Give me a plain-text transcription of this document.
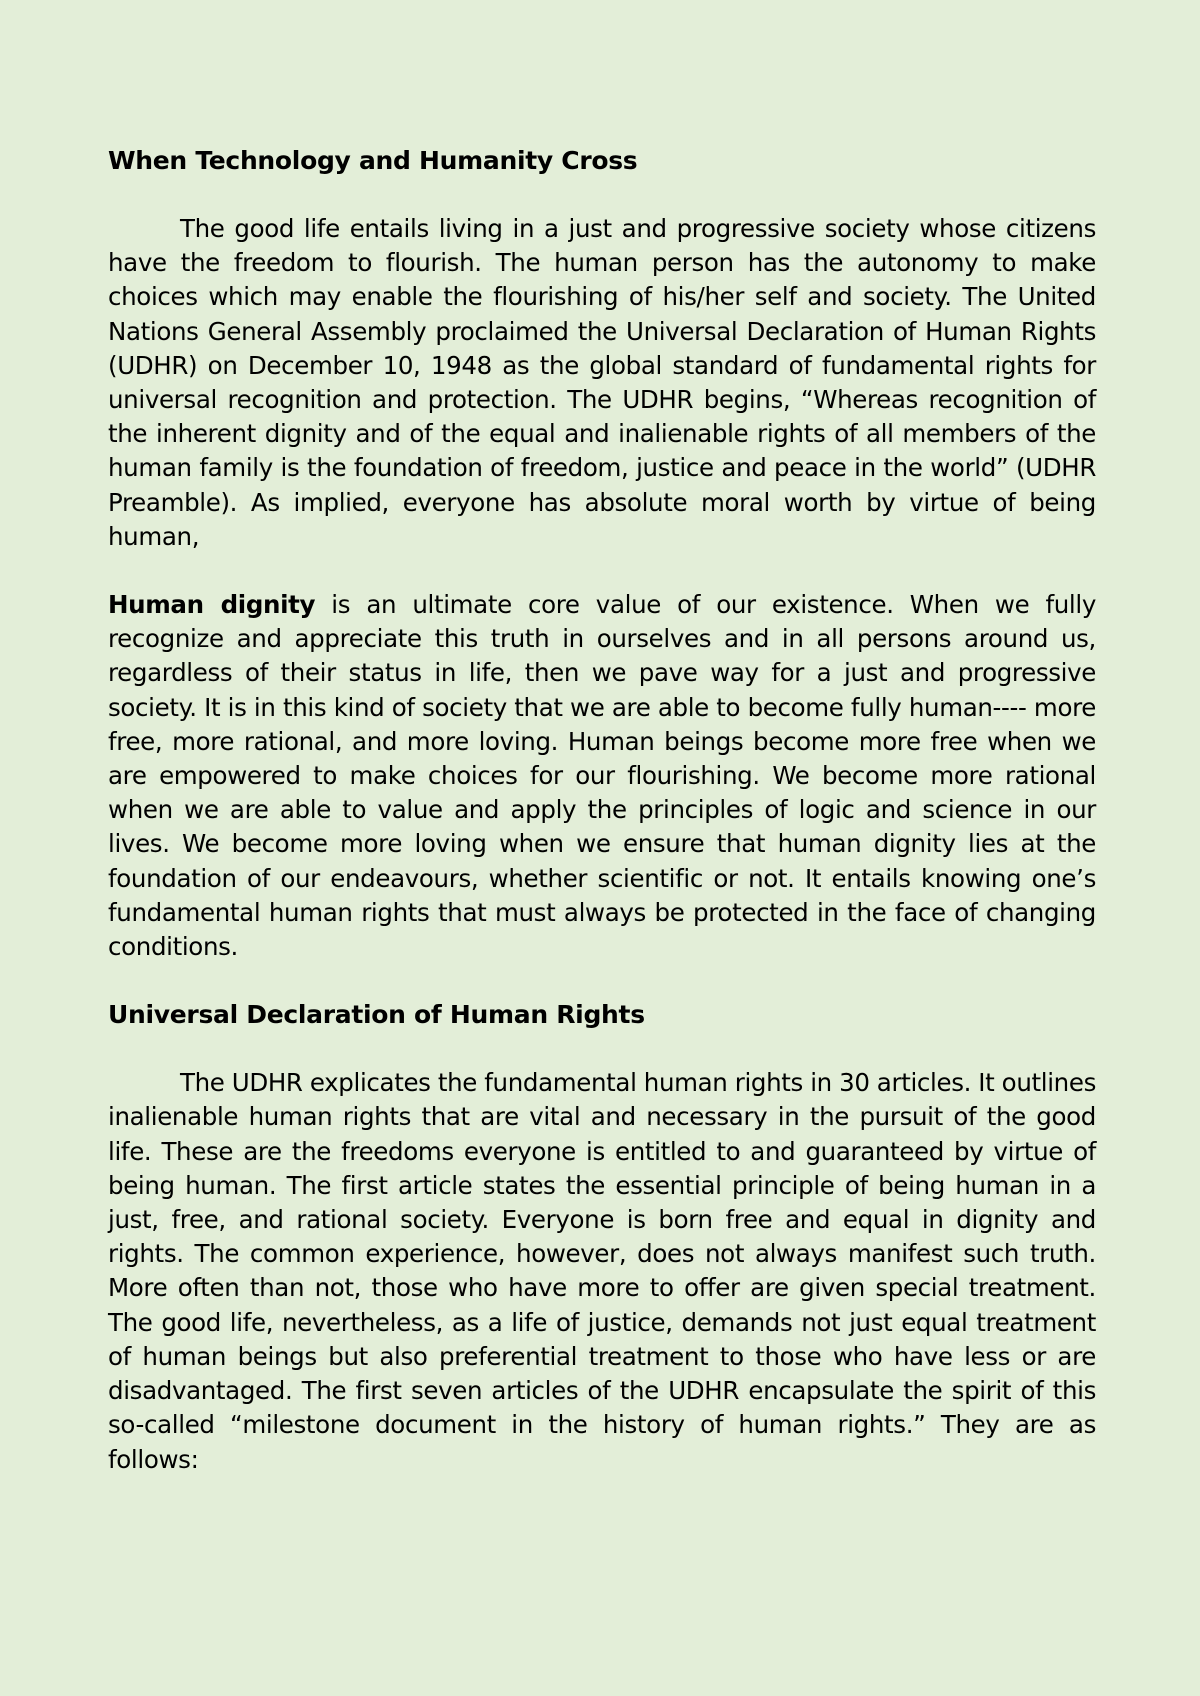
When Technology and Humanity Cross

The good life entails living in a just and progressive society whose citizens have the freedom to flourish. The human person has the autonomy to make choices which may enable the flourishing of his/her self and society. The United Nations General Assembly proclaimed the Universal Declaration of Human Rights (UDHR) on December 10, 1948 as the global standard of fundamental rights for universal recognition and protection. The UDHR begins, “Whereas recognition of the inherent dignity and of the equal and inalienable rights of all members of the human family is the foundation of freedom, justice and peace in the world” (UDHR Preamble). As implied, everyone has absolute moral worth by virtue of being human,

Human dignity is an ultimate core value of our existence. When we fully recognize and appreciate this truth in ourselves and in all persons around us, regardless of their status in life, then we pave way for a just and progressive society. It is in this kind of society that we are able to become fully human---- more free, more rational, and more loving. Human beings become more free when we are empowered to make choices for our flourishing. We become more rational when we are able to value and apply the principles of logic and science in our lives. We become more loving when we ensure that human dignity lies at the foundation of our endeavours, whether scientific or not. It entails knowing one’s fundamental human rights that must always be protected in the face of changing conditions.

Universal Declaration of Human Rights

The UDHR explicates the fundamental human rights in 30 articles. It outlines inalienable human rights that are vital and necessary in the pursuit of the good life. These are the freedoms everyone is entitled to and guaranteed by virtue of being human. The first article states the essential principle of being human in a just, free, and rational society. Everyone is born free and equal in dignity and rights. The common experience, however, does not always manifest such truth. More often than not, those who have more to offer are given special treatment. The good life, nevertheless, as a life of justice, demands not just equal treatment of human beings but also preferential treatment to those who have less or are disadvantaged. The first seven articles of the UDHR encapsulate the spirit of this so-called “milestone document in the history of human rights.” They are as follows:
